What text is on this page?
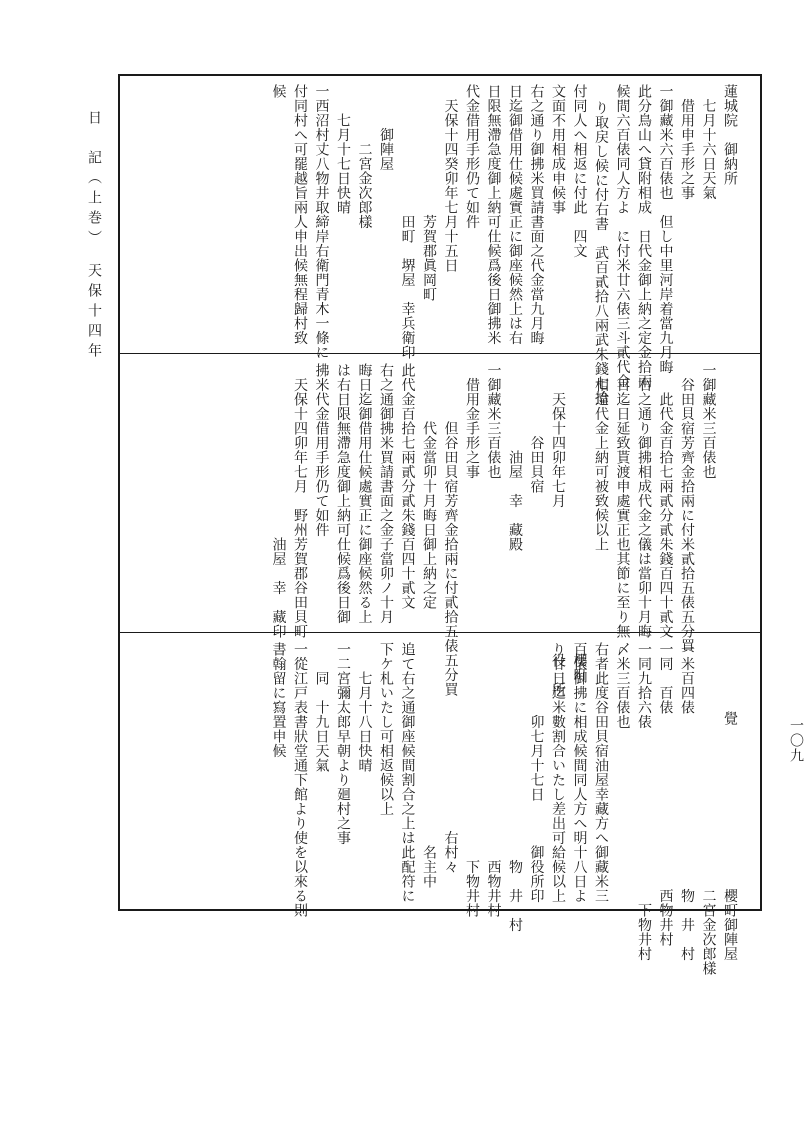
日　記（上巻）　天保十四年
蓮城院　御納所
　七月十六日天氣
　借用申手形之事
一御藏米六百俵也　但し中里河岸着當九月晦
此分鳥山へ貸附相成　日代金御上納之定金拾兩
候間六百俵同人方よ　に付米廿六俵三斗貳代金
り取戻し候に付右書　武百貳拾八兩武朱錢七拾
付同人へ相返に付此　四文
文面不用相成申候事
右之通り御拂米買請書面之代金當九月晦
日迄御借用仕候處實正に御座候然上は右
日限無滯急度御上納可仕候爲後日御拂米
代金借用手形仍て如件
　天保十四癸卯年七月十五日
　　　　　　　　　芳賀郡眞岡町
　　　　　　　　　田町　堺屋　幸兵衛印
　　　御陣屋
　　　　二宮金次郎樣
　　七月十七日快晴
一西沼村丈八物井取締岸右衛門青木一條に
付同村へ可罷越旨兩人申出候無程歸村致
候
　　　　　　　　　　　　　　　　　　　　　　　　覺
一御藏米三百俵也
　谷田貝宿芳齊金拾兩に付米貳拾五俵五分買
　　此代金百拾七兩貳分貳朱錢百四十貳文
　右之通り御拂相成代金之儀は當卯十月晦
　日迄日延致貰渡申處實正也其節に至り無
　相違代金上納可被致候以上
　　　　　　　　　　　　　　　　　　　　櫻町
　　天保十四卯年七月　　　　　　　　　　役　所
　　　　　谷田貝宿
　　　　　　油屋　幸　藏殿
一御藏米三百俵也
　借用金手形之事
　　　　但谷田貝宿芳齊金拾兩に付貳拾五俵五分買
　　　　代金當卯十月晦日御上納之定
此代金百拾七兩貳分貳朱錢百四十貳文
右之通御拂米買請書面之金子當卯ノ十月
晦日迄御借用仕候處實正に御座候然る上
は右日限無滯急度御上納可仕候爲後日御
拂米代金借用手形仍て如件
　天保十四卯年七月　野州芳賀郡谷田貝町
　　　　　　　　　　　　油屋　幸　藏印
　　　　　　　　　　　　　　　　　櫻町御陣屋
　　　　　　　　　　　　　　　　　二宮金次郎樣
一米百四俵　　　　　　　　　　　　物　井　村
一同　百俵　　　　　　　　　　　　西物井村
一同九拾六俵　　　　　　　　　　　　下物井村
〆米三百俵也
右者此度谷田貝宿油屋幸藏方へ御藏米三
百俵御拂に相成候間同人方へ明十八日よ
り廿日迄米數割合いたし差出可給候以上
　　　　　卯七月十七日　　　御役所印
　　　　　　　　　　　　　　　物　井　村
　　　　　　　　　　　　　　　西物井村
　　　　　　　　　　　　　　　下物井村
　　　　　　　　　　　　　右村々
　　　　　　　　　　　　　　名主中
追て右之通御座候間割合之上は此配符に
下ケ札いたし可相返候以上
　　七月十八日快晴
一二宮彌太郎早朝より廻村之事
　　同　十九日天氣
一從江戸表書狀堂通下館より使を以來る則
書翰留に寫置申候	一〇九
